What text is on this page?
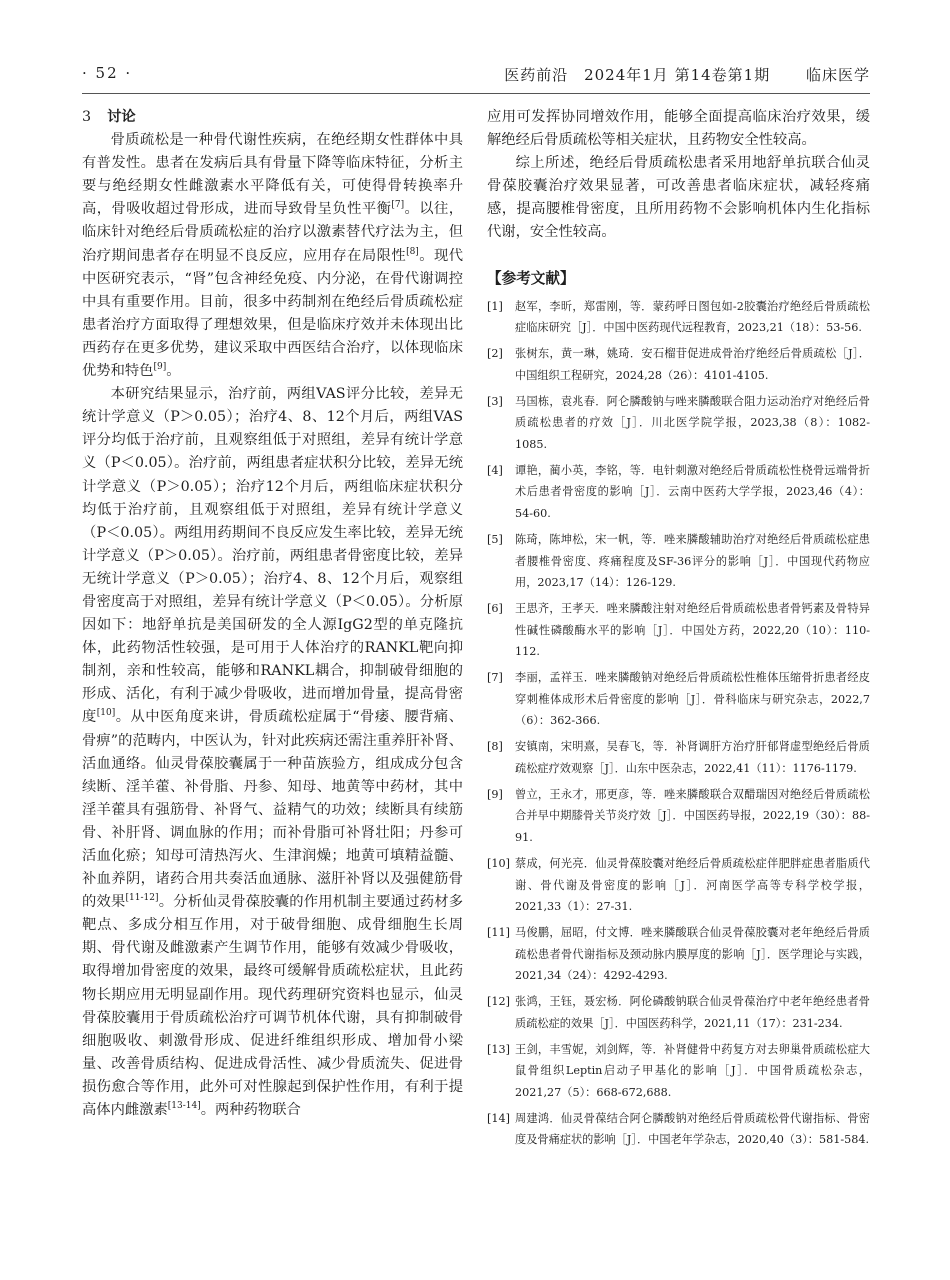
· 52 ·	医药前沿 2024年1月 第14卷第1期 临床医学
3 讨论

骨质疏松是一种骨代谢性疾病，在绝经期女性群体中具有普发性。患者在发病后具有骨量下降等临床特征，分析主要与绝经期女性雌激素水平降低有关，可使得骨转换率升高，骨吸收超过骨形成，进而导致骨呈负性平衡[7]。以往，临床针对绝经后骨质疏松症的治疗以激素替代疗法为主，但治疗期间患者存在明显不良反应，应用存在局限性[8]。现代中医研究表示，“肾”包含神经免疫、内分泌，在骨代谢调控中具有重要作用。目前，很多中药制剂在绝经后骨质疏松症患者治疗方面取得了理想效果，但是临床疗效并未体现出比西药存在更多优势，建议采取中西医结合治疗，以体现临床优势和特色[9]。

本研究结果显示，治疗前，两组VAS评分比较，差异无统计学意义（P＞0.05）；治疗4、8、12个月后，两组VAS评分均低于治疗前，且观察组低于对照组，差异有统计学意义（P＜0.05）。治疗前，两组患者症状积分比较，差异无统计学意义（P＞0.05）；治疗12个月后，两组临床症状积分均低于治疗前，且观察组低于对照组，差异有统计学意义（P＜0.05）。两组用药期间不良反应发生率比较，差异无统计学意义（P＞0.05）。治疗前，两组患者骨密度比较，差异无统计学意义（P＞0.05）；治疗4、8、12个月后，观察组骨密度高于对照组，差异有统计学意义（P＜0.05）。分析原因如下：地舒单抗是美国研发的全人源IgG2型的单克隆抗体，此药物活性较强，是可用于人体治疗的RANKL靶向抑制剂，亲和性较高，能够和RANKL耦合，抑制破骨细胞的形成、活化，有利于减少骨吸收，进而增加骨量，提高骨密度[10]。从中医角度来讲，骨质疏松症属于“骨痿、腰背痛、骨痹”的范畴内，中医认为，针对此疾病还需注重养肝补肾、活血通络。仙灵骨葆胶囊属于一种苗族验方，组成成分包含续断、淫羊藿、补骨脂、丹参、知母、地黄等中药材，其中淫羊藿具有强筋骨、补肾气、益精气的功效；续断具有续筋骨、补肝肾、调血脉的作用；而补骨脂可补肾壮阳；丹参可活血化瘀；知母可清热泻火、生津润燥；地黄可填精益髓、补血养阴，诸药合用共奏活血通脉、滋肝补肾以及强健筋骨的效果[11-12]。分析仙灵骨葆胶囊的作用机制主要通过药材多靶点、多成分相互作用，对于破骨细胞、成骨细胞生长周期、骨代谢及雌激素产生调节作用，能够有效减少骨吸收，取得增加骨密度的效果，最终可缓解骨质疏松症状，且此药物长期应用无明显副作用。现代药理研究资料也显示，仙灵骨葆胶囊用于骨质疏松治疗可调节机体代谢，具有抑制破骨细胞吸收、刺激骨形成、促进纤维组织形成、增加骨小梁量、改善骨质结构、促进成骨活性、减少骨质流失、促进骨损伤愈合等作用，此外可对性腺起到保护性作用，有利于提高体内雌激素[13-14]。两种药物联合

应用可发挥协同增效作用，能够全面提高临床治疗效果，缓解绝经后骨质疏松等相关症状，且药物安全性较高。

综上所述，绝经后骨质疏松患者采用地舒单抗联合仙灵骨葆胶囊治疗效果显著，可改善患者临床症状，减轻疼痛感，提高腰椎骨密度，且所用药物不会影响机体内生化指标代谢，安全性较高。

【参考文献】
[1] 赵军，李昕，郑雷刚，等．蒙药呼日图包如-2胶囊治疗绝经后骨质疏松症临床研究［J］．中国中医药现代远程教育，2023,21（18）：53-56.
[2] 张树东，黄一琳，姚琦．安石榴苷促进成骨治疗绝经后骨质疏松［J］．中国组织工程研究，2024,28（26）：4101-4105.
[3] 马国栋，袁兆春．阿仑膦酸钠与唑来膦酸联合阻力运动治疗对绝经后骨质疏松患者的疗效［J］．川北医学院学报，2023,38（8）：1082-1085.
[4] 谭艳，蔺小英，李铭，等．电针刺激对绝经后骨质疏松性桡骨远端骨折术后患者骨密度的影响［J］．云南中医药大学学报，2023,46（4）：54-60.
[5] 陈琦，陈坤松，宋一帆，等．唑来膦酸辅助治疗对绝经后骨质疏松症患者腰椎骨密度、疼痛程度及SF-36评分的影响［J］．中国现代药物应用，2023,17（14）：126-129.
[6] 王思齐，王孝天．唑来膦酸注射对绝经后骨质疏松患者骨钙素及骨特异性碱性磷酸酶水平的影响［J］．中国处方药，2022,20（10）：110-112.
[7] 李丽，孟祥玉．唑来膦酸钠对绝经后骨质疏松性椎体压缩骨折患者经皮穿刺椎体成形术后骨密度的影响［J］．骨科临床与研究杂志，2022,7（6）：362-366.
[8] 安镇南，宋明熹，吴春飞，等．补肾调肝方治疗肝郁肾虚型绝经后骨质疏松症疗效观察［J］．山东中医杂志，2022,41（11）：1176-1179.
[9] 曾立，王永才，邢更彦，等．唑来膦酸联合双醋瑞因对绝经后骨质疏松合并早中期膝骨关节炎疗效［J］．中国医药导报，2022,19（30）：88-91.
[10] 蔡成，何光亮．仙灵骨葆胶囊对绝经后骨质疏松症伴肥胖症患者脂质代谢、骨代谢及骨密度的影响［J］．河南医学高等专科学校学报，2021,33（1）：27-31.
[11] 马俊鹏，屈昭，付文博．唑来膦酸联合仙灵骨葆胶囊对老年绝经后骨质疏松患者骨代谢指标及颈动脉内膜厚度的影响［J］．医学理论与实践，2021,34（24）：4292-4293.
[12] 张鸿，王钰，聂宏杨．阿伦磷酸钠联合仙灵骨葆治疗中老年绝经患者骨质疏松症的效果［J］．中国医药科学，2021,11（17）：231-234.
[13] 王剑，丰雪妮，刘剑辉，等．补肾健骨中药复方对去卵巢骨质疏松症大鼠骨组织Leptin启动子甲基化的影响［J］．中国骨质疏松杂志，2021,27（5）：668-672,688.
[14] 周建鸿．仙灵骨葆结合阿仑膦酸钠对绝经后骨质疏松骨代谢指标、骨密度及骨痛症状的影响［J］．中国老年学杂志，2020,40（3）：581-584.
